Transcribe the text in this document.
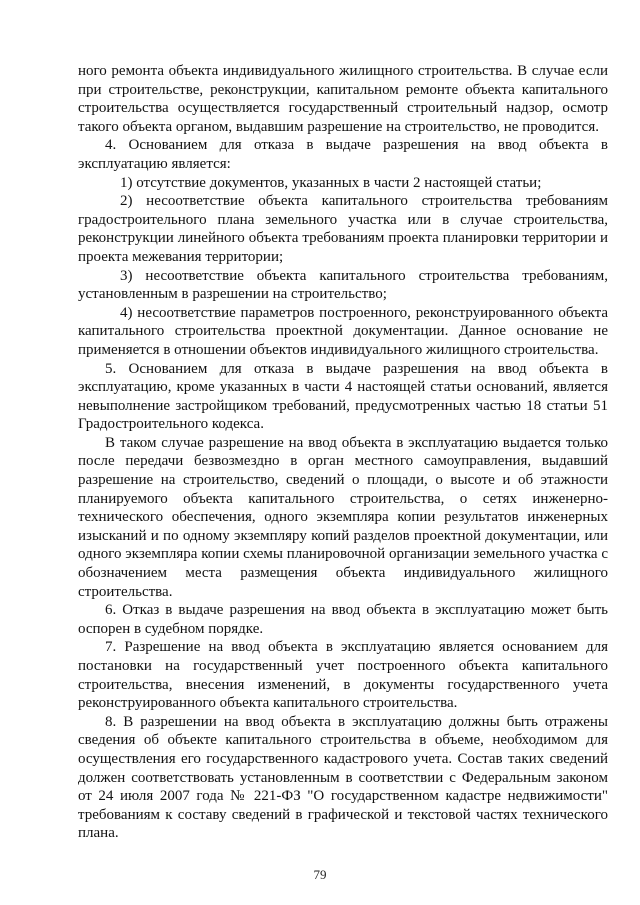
ного ремонта объекта индивидуального жилищного строительства. В случае если при строительстве, реконструкции, капитальном ремонте объекта капитального строительства осуществляется государственный строительный надзор, осмотр такого объекта органом, выдавшим разрешение на строительство, не проводится.

4. Основанием для отказа в выдаче разрешения на ввод объекта в эксплуатацию является:

1) отсутствие документов, указанных в части 2 настоящей статьи;

2) несоответствие объекта капитального строительства требованиям градостроительного плана земельного участка или в случае строительства, реконструкции линейного объекта требованиям проекта планировки территории и проекта межевания территории;

3) несоответствие объекта капитального строительства требованиям, установленным в разрешении на строительство;

4) несоответствие параметров построенного, реконструированного объекта капитального строительства проектной документации. Данное основание не применяется в отношении объектов индивидуального жилищного строительства.

5. Основанием для отказа в выдаче разрешения на ввод объекта в эксплуатацию, кроме указанных в части 4 настоящей статьи оснований, является невыполнение застройщиком требований, предусмотренных частью 18 статьи 51 Градостроительного кодекса.

В таком случае разрешение на ввод объекта в эксплуатацию выдается только после передачи безвозмездно в орган местного самоуправления, выдавший разрешение на строительство, сведений о площади, о высоте и об этажности планируемого объекта капитального строительства, о сетях инженерно-технического обеспечения, одного экземпляра копии результатов инженерных изысканий и по одному экземпляру копий разделов проектной документации, или одного экземпляра копии схемы планировочной организации земельного участка с обозначением места размещения объекта индивидуального жилищного строительства.

6. Отказ в выдаче разрешения на ввод объекта в эксплуатацию может быть оспорен в судебном порядке.

7. Разрешение на ввод объекта в эксплуатацию является основанием для постановки на государственный учет построенного объекта капитального строительства, внесения изменений, в документы государственного учета реконструированного объекта капитального строительства.

8. В разрешении на ввод объекта в эксплуатацию должны быть отражены сведения об объекте капитального строительства в объеме, необходимом для осуществления его государственного кадастрового учета. Состав таких сведений должен соответствовать установленным в соответствии с Федеральным законом от 24 июля 2007 года № 221-ФЗ "О государственном кадастре недвижимости" требованиям к составу сведений в графической и текстовой частях технического плана.

79
